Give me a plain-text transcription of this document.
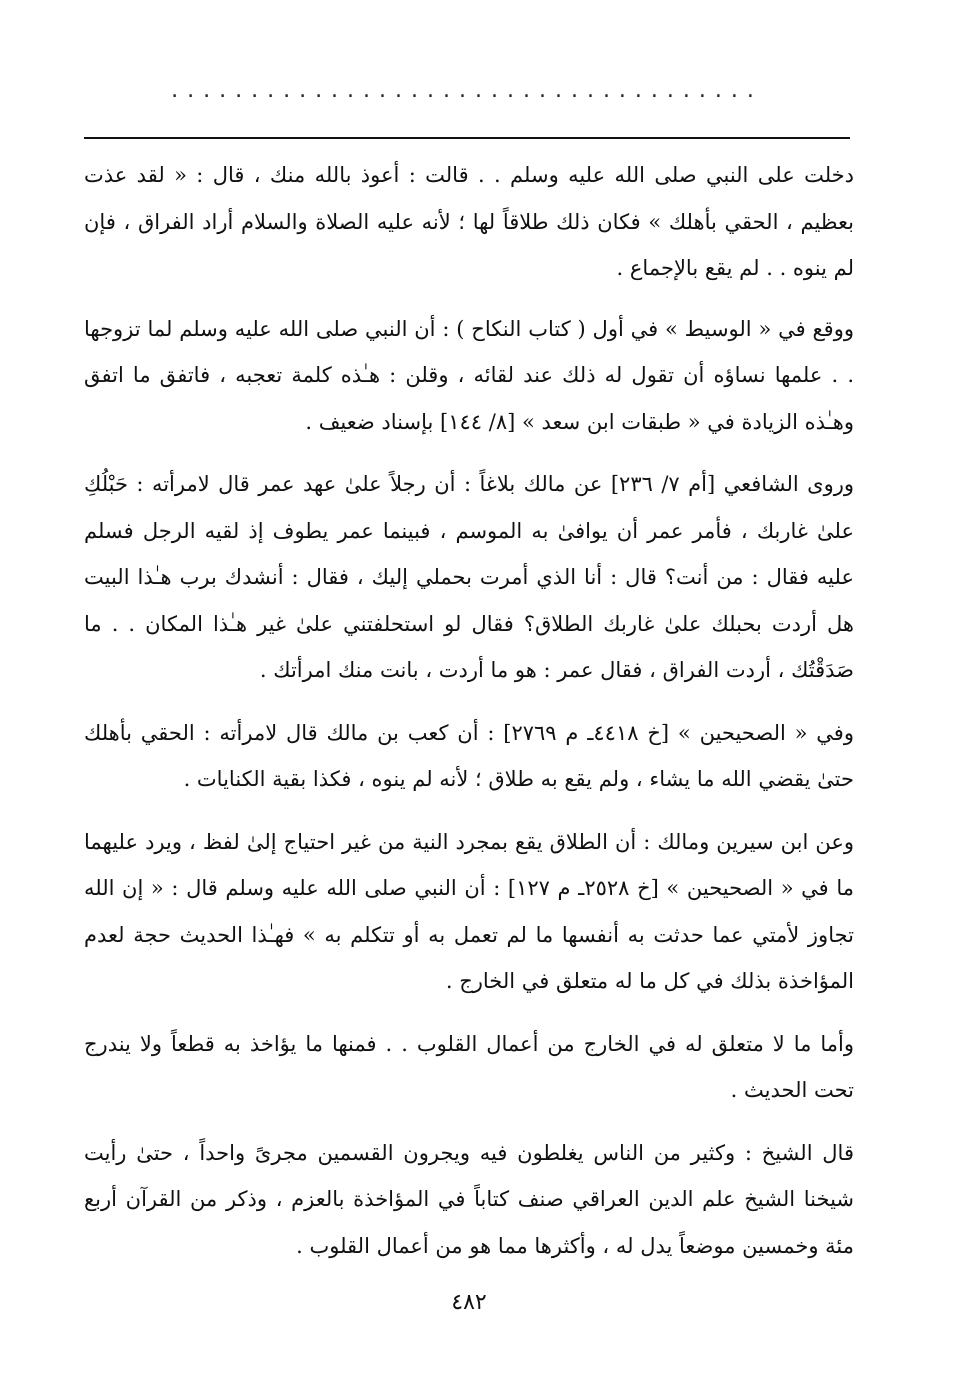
.....................................

دخلت على النبي صلى الله عليه وسلم . . قالت : أعوذ بالله منك ، قال : « لقد عذت بعظيم ، الحقي بأهلك » فكان ذلك طلاقاً لها ؛ لأنه عليه الصلاة والسلام أراد الفراق ، فإن لم ينوه . . لم يقع بالإجماع .

ووقع في « الوسيط » في أول ( كتاب النكاح ) : أن النبي صلى الله عليه وسلم لما تزوجها . . علمها نساؤه أن تقول له ذلك عند لقائه ، وقلن : هـٰذه كلمة تعجبه ، فاتفق ما اتفق وهـٰذه الزيادة في « طبقات ابن سعد » [٨/ ١٤٤] بإسناد ضعيف .

وروى الشافعي [أم ٧/ ٢٣٦] عن مالك بلاغاً : أن رجلاً علىٰ عهد عمر قال لامرأته : حَبْلُكِ علىٰ غاربك ، فأمر عمر أن يوافىٰ به الموسم ، فبينما عمر يطوف إذ لقيه الرجل فسلم عليه فقال : من أنت؟ قال : أنا الذي أمرت بحملي إليك ، فقال : أنشدك برب هـٰذا البيت هل أردت بحبلك علىٰ غاربك الطلاق؟ فقال لو استحلفتني علىٰ غير هـٰذا المكان . . ما صَدَقْتُك ، أردت الفراق ، فقال عمر : هو ما أردت ، بانت منك امرأتك .

وفي « الصحيحين » [خ ٤٤١٨ـ م ٢٧٦٩] : أن كعب بن مالك قال لامرأته : الحقي بأهلك حتىٰ يقضي الله ما يشاء ، ولم يقع به طلاق ؛ لأنه لم ينوه ، فكذا بقية الكنايات .

وعن ابن سيرين ومالك : أن الطلاق يقع بمجرد النية من غير احتياج إلىٰ لفظ ، ويرد عليهما ما في « الصحيحين » [خ ٢٥٢٨ـ م ١٢٧] : أن النبي صلى الله عليه وسلم قال : « إن الله تجاوز لأمتي عما حدثت به أنفسها ما لم تعمل به أو تتكلم به » فهـٰذا الحديث حجة لعدم المؤاخذة بذلك في كل ما له متعلق في الخارج .

وأما ما لا متعلق له في الخارج من أعمال القلوب . . فمنها ما يؤاخذ به قطعاً ولا يندرج تحت الحديث .

قال الشيخ : وكثير من الناس يغلطون فيه ويجرون القسمين مجرىً واحداً ، حتىٰ رأيت شيخنا الشيخ علم الدين العراقي صنف كتاباً في المؤاخذة بالعزم ، وذكر من القرآن أربع مئة وخمسين موضعاً يدل له ، وأكثرها مما هو من أعمال القلوب .

٤٨٢
